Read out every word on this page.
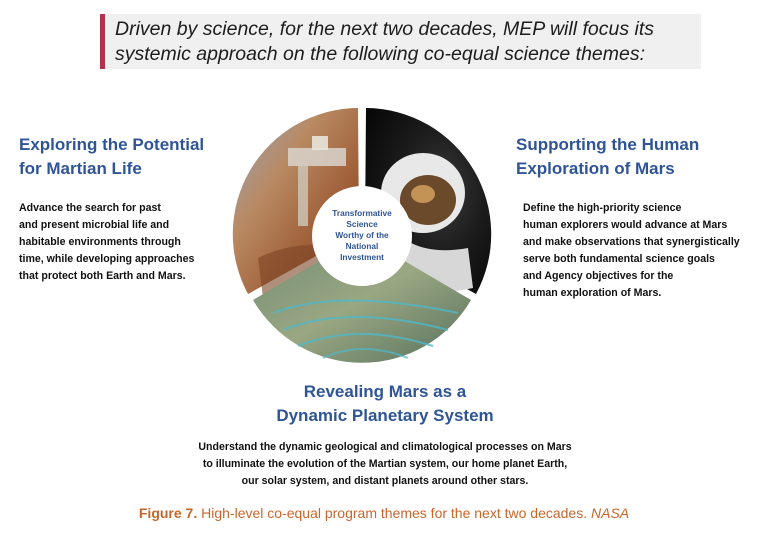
Driven by science, for the next two decades, MEP will focus its
systemic approach on the following co-equal science themes:
Exploring the Potential
for Martian Life

Advance the search for past
and present microbial life and
habitable environments through
time, while developing approaches
that protect both Earth and Mars.

Supporting the Human
Exploration of Mars

Define the high-priority science
human explorers would advance at Mars
and make observations that synergistically
serve both fundamental science goals
and Agency objectives for the
human exploration of Mars.

Revealing Mars as a
Dynamic Planetary System

Understand the dynamic geological and climatological processes on Mars
to illuminate the evolution of the Martian system, our home planet Earth,
our solar system, and distant planets around other stars.

Transformative
Science
Worthy of the
National
Investment
Figure 7. High-level co-equal program themes for the next two decades. NASA
